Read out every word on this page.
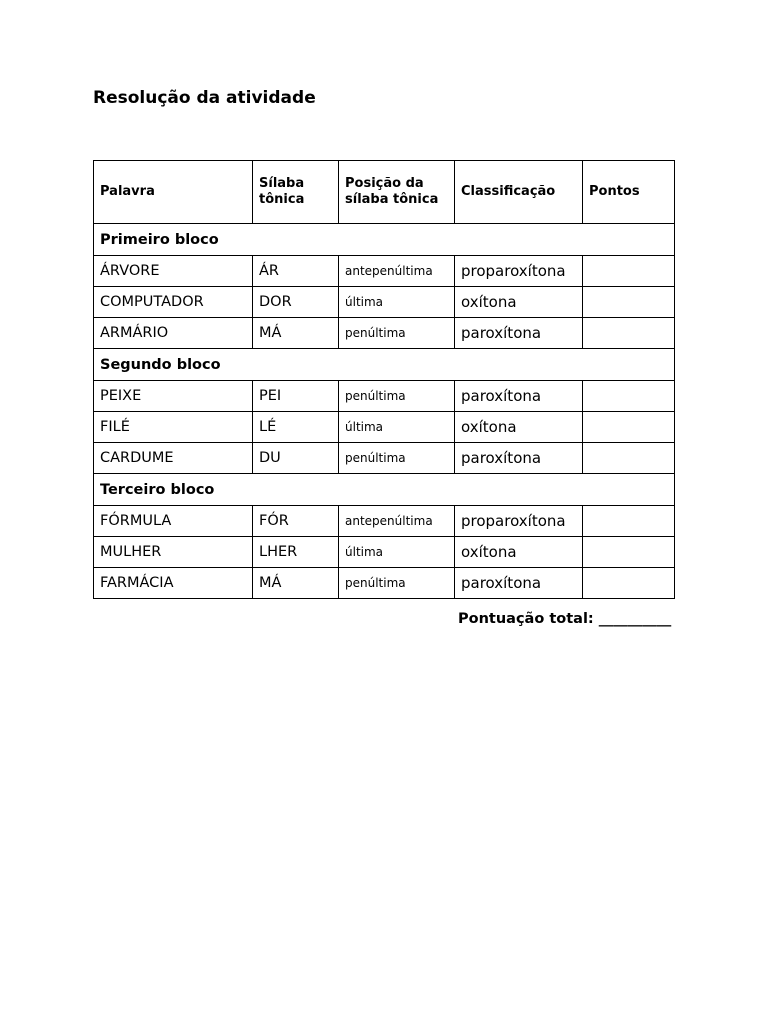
Resolução da atividade
Palavra	Sílaba tônica	Posição da sílaba tônica	Classificação	Pontos
Primeiro bloco				
ÁRVORE	ÁR	antepenúltima	proparoxítona	
COMPUTADOR	DOR	última	oxítona	
ARMÁRIO	MÁ	penúltima	paroxítona	
Segundo bloco				
PEIXE	PEI	penúltima	paroxítona	
FILÉ	LÉ	última	oxítona	
CARDUME	DU	penúltima	paroxítona	
Terceiro bloco				
FÓRMULA	FÓR	antepenúltima	proparoxítona	
MULHER	LHER	última	oxítona	
FARMÁCIA	MÁ	penúltima	paroxítona	
Pontuação total: __________
